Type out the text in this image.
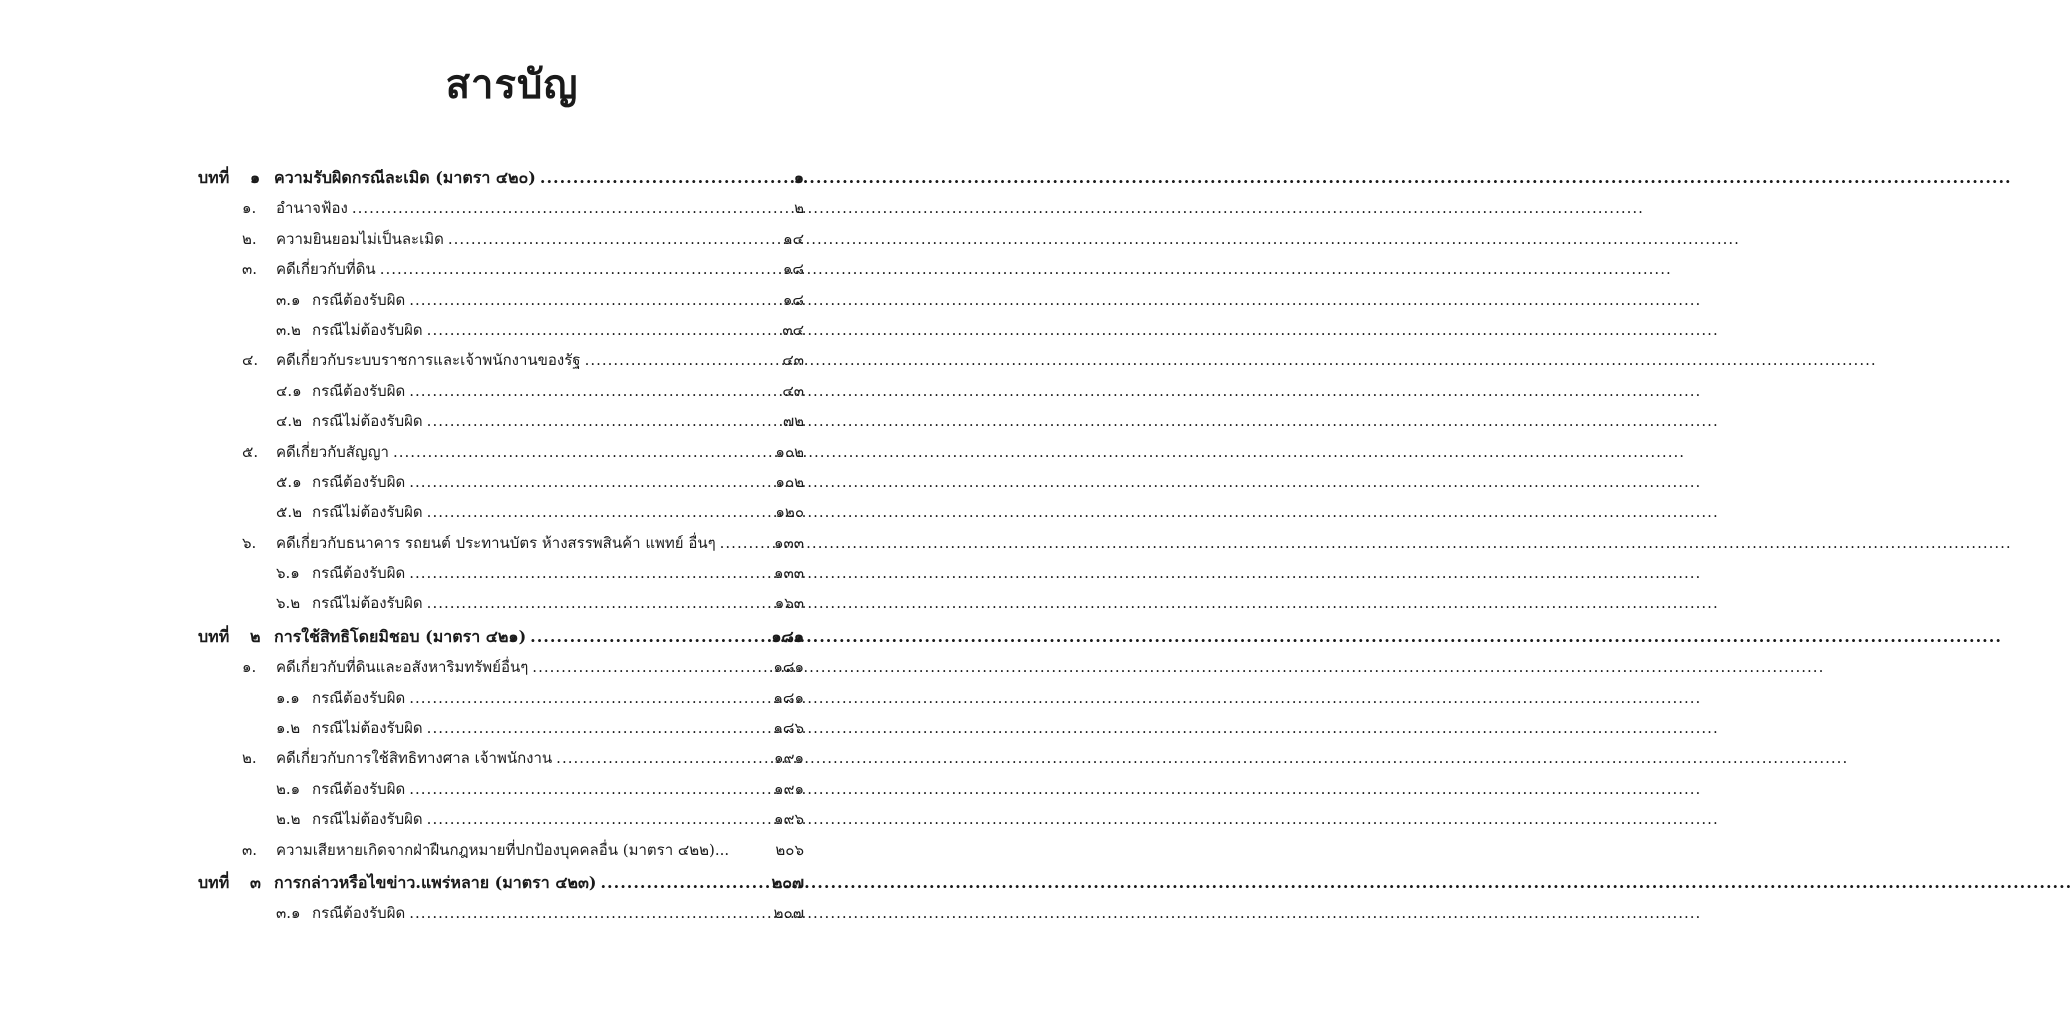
สารบัญ
บทที่	๑ ความรับผิดกรณีละเมิด (มาตรา ๔๒๐) .....	๑
๑.	อำนาจฟ้อง .....	๒
๒.	ความยินยอมไม่เป็นละเมิด .....	๑๔
๓.	คดีเกี่ยวกับที่ดิน .....	๑๘
๓.๑ กรณีต้องรับผิด .....	๑๘
๓.๒ กรณีไม่ต้องรับผิด .....	๓๔
๔.	คดีเกี่ยวกับระบบราชการและเจ้าพนักงานของรัฐ .....	๔๓
๔.๑ กรณีต้องรับผิด .....	๔๓
๔.๒ กรณีไม่ต้องรับผิด .....	๗๒
๕.	คดีเกี่ยวกับสัญญา .....	๑๐๒
๕.๑ กรณีต้องรับผิด .....	๑๐๒
๕.๒ กรณีไม่ต้องรับผิด .....	๑๒๐
๖.	คดีเกี่ยวกับธนาคาร รถยนต์ ประทานบัตร ห้างสรรพสินค้า แพทย์ อื่นๆ .....	๑๓๓
๖.๑ กรณีต้องรับผิด .....	๑๓๓
๖.๒ กรณีไม่ต้องรับผิด .....	๑๖๓
บทที่	๒ การใช้สิทธิโดยมิชอบ (มาตรา ๔๒๑) .....	๑๘๑
๑.	คดีเกี่ยวกับที่ดินและอสังหาริมทรัพย์อื่นๆ .....	๑๘๑
๑.๑ กรณีต้องรับผิด .....	๑๘๑
๑.๒ กรณีไม่ต้องรับผิด .....	๑๘๖
๒.	คดีเกี่ยวกับการใช้สิทธิทางศาล เจ้าพนักงาน .....	๑๙๑
๒.๑ กรณีต้องรับผิด .....	๑๙๑
๒.๒ กรณีไม่ต้องรับผิด .....	๑๙๖
๓.	ความเสียหายเกิดจากฝ่าฝืนกฎหมายที่ปกป้องบุคคลอื่น (มาตรา ๔๒๒)...	๒๐๖
บทที่	๓ การกล่าวหรือไขข่าว.แพร่หลาย (มาตรา ๔๒๓) .....	๒๐๗
๓.๑ กรณีต้องรับผิด .....	๒๐๗
